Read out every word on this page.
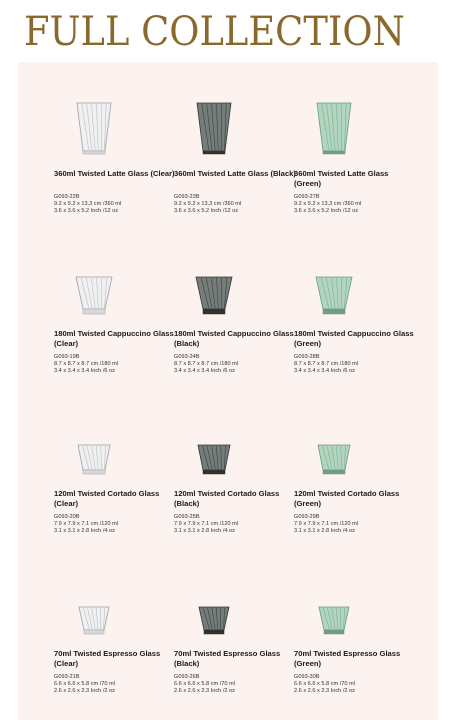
FULL COLLECTION
360ml Twisted Latte Glass (Clear)
G093-22B
9.2 x 9.2 x 13.3 cm /360 ml
3.6 x 3.6 x 5.2 Inch /12 oz
360ml Twisted Latte Glass (Black)
G093-23B
9.2 x 9.2 x 13.3 cm /360 ml
3.6 x 3.6 x 5.2 Inch /12 oz
360ml Twisted Latte Glass (Green)
G093-27B
9.2 x 9.2 x 13.3 cm /360 ml
3.6 x 3.6 x 5.2 Inch /12 oz
180ml Twisted Cappuccino Glass (Clear)
G093-19B
8.7 x 8.7 x 8.7 cm /180 ml
3.4 x 3.4 x 3.4 Inch /6 oz
180ml Twisted Cappuccino Glass (Black)
G093-24B
8.7 x 8.7 x 8.7 cm /180 ml
3.4 x 3.4 x 3.4 Inch /6 oz
180ml Twisted Cappuccino Glass (Green)
G093-28B
8.7 x 8.7 x 8.7 cm /180 ml
3.4 x 3.4 x 3.4 Inch /6 oz
120ml Twisted Cortado Glass (Clear)
G093-20B
7.9 x 7.9 x 7.1 cm /120 ml
3.1 x 3.1 x 2.8 Inch /4 oz
120ml Twisted Cortado Glass (Black)
G093-25B
7.9 x 7.9 x 7.1 cm /120 ml
3.1 x 3.1 x 2.8 Inch /4 oz
120ml Twisted Cortado Glass (Green)
G093-29B
7.9 x 7.9 x 7.1 cm /120 ml
3.1 x 3.1 x 2.8 Inch /4 oz
70ml Twisted Espresso Glass (Clear)
G093-21B
6.6 x 6.6 x 5.8 cm /70 ml
2.6 x 2.6 x 2.3 Inch /2 oz
70ml Twisted Espresso Glass (Black)
G093-26B
6.6 x 6.6 x 5.8 cm /70 ml
2.6 x 2.6 x 2.3 Inch /2 oz
70ml Twisted Espresso Glass (Green)
G093-30B
6.6 x 6.6 x 5.8 cm /70 ml
2.6 x 2.6 x 2.3 Inch /2 oz
